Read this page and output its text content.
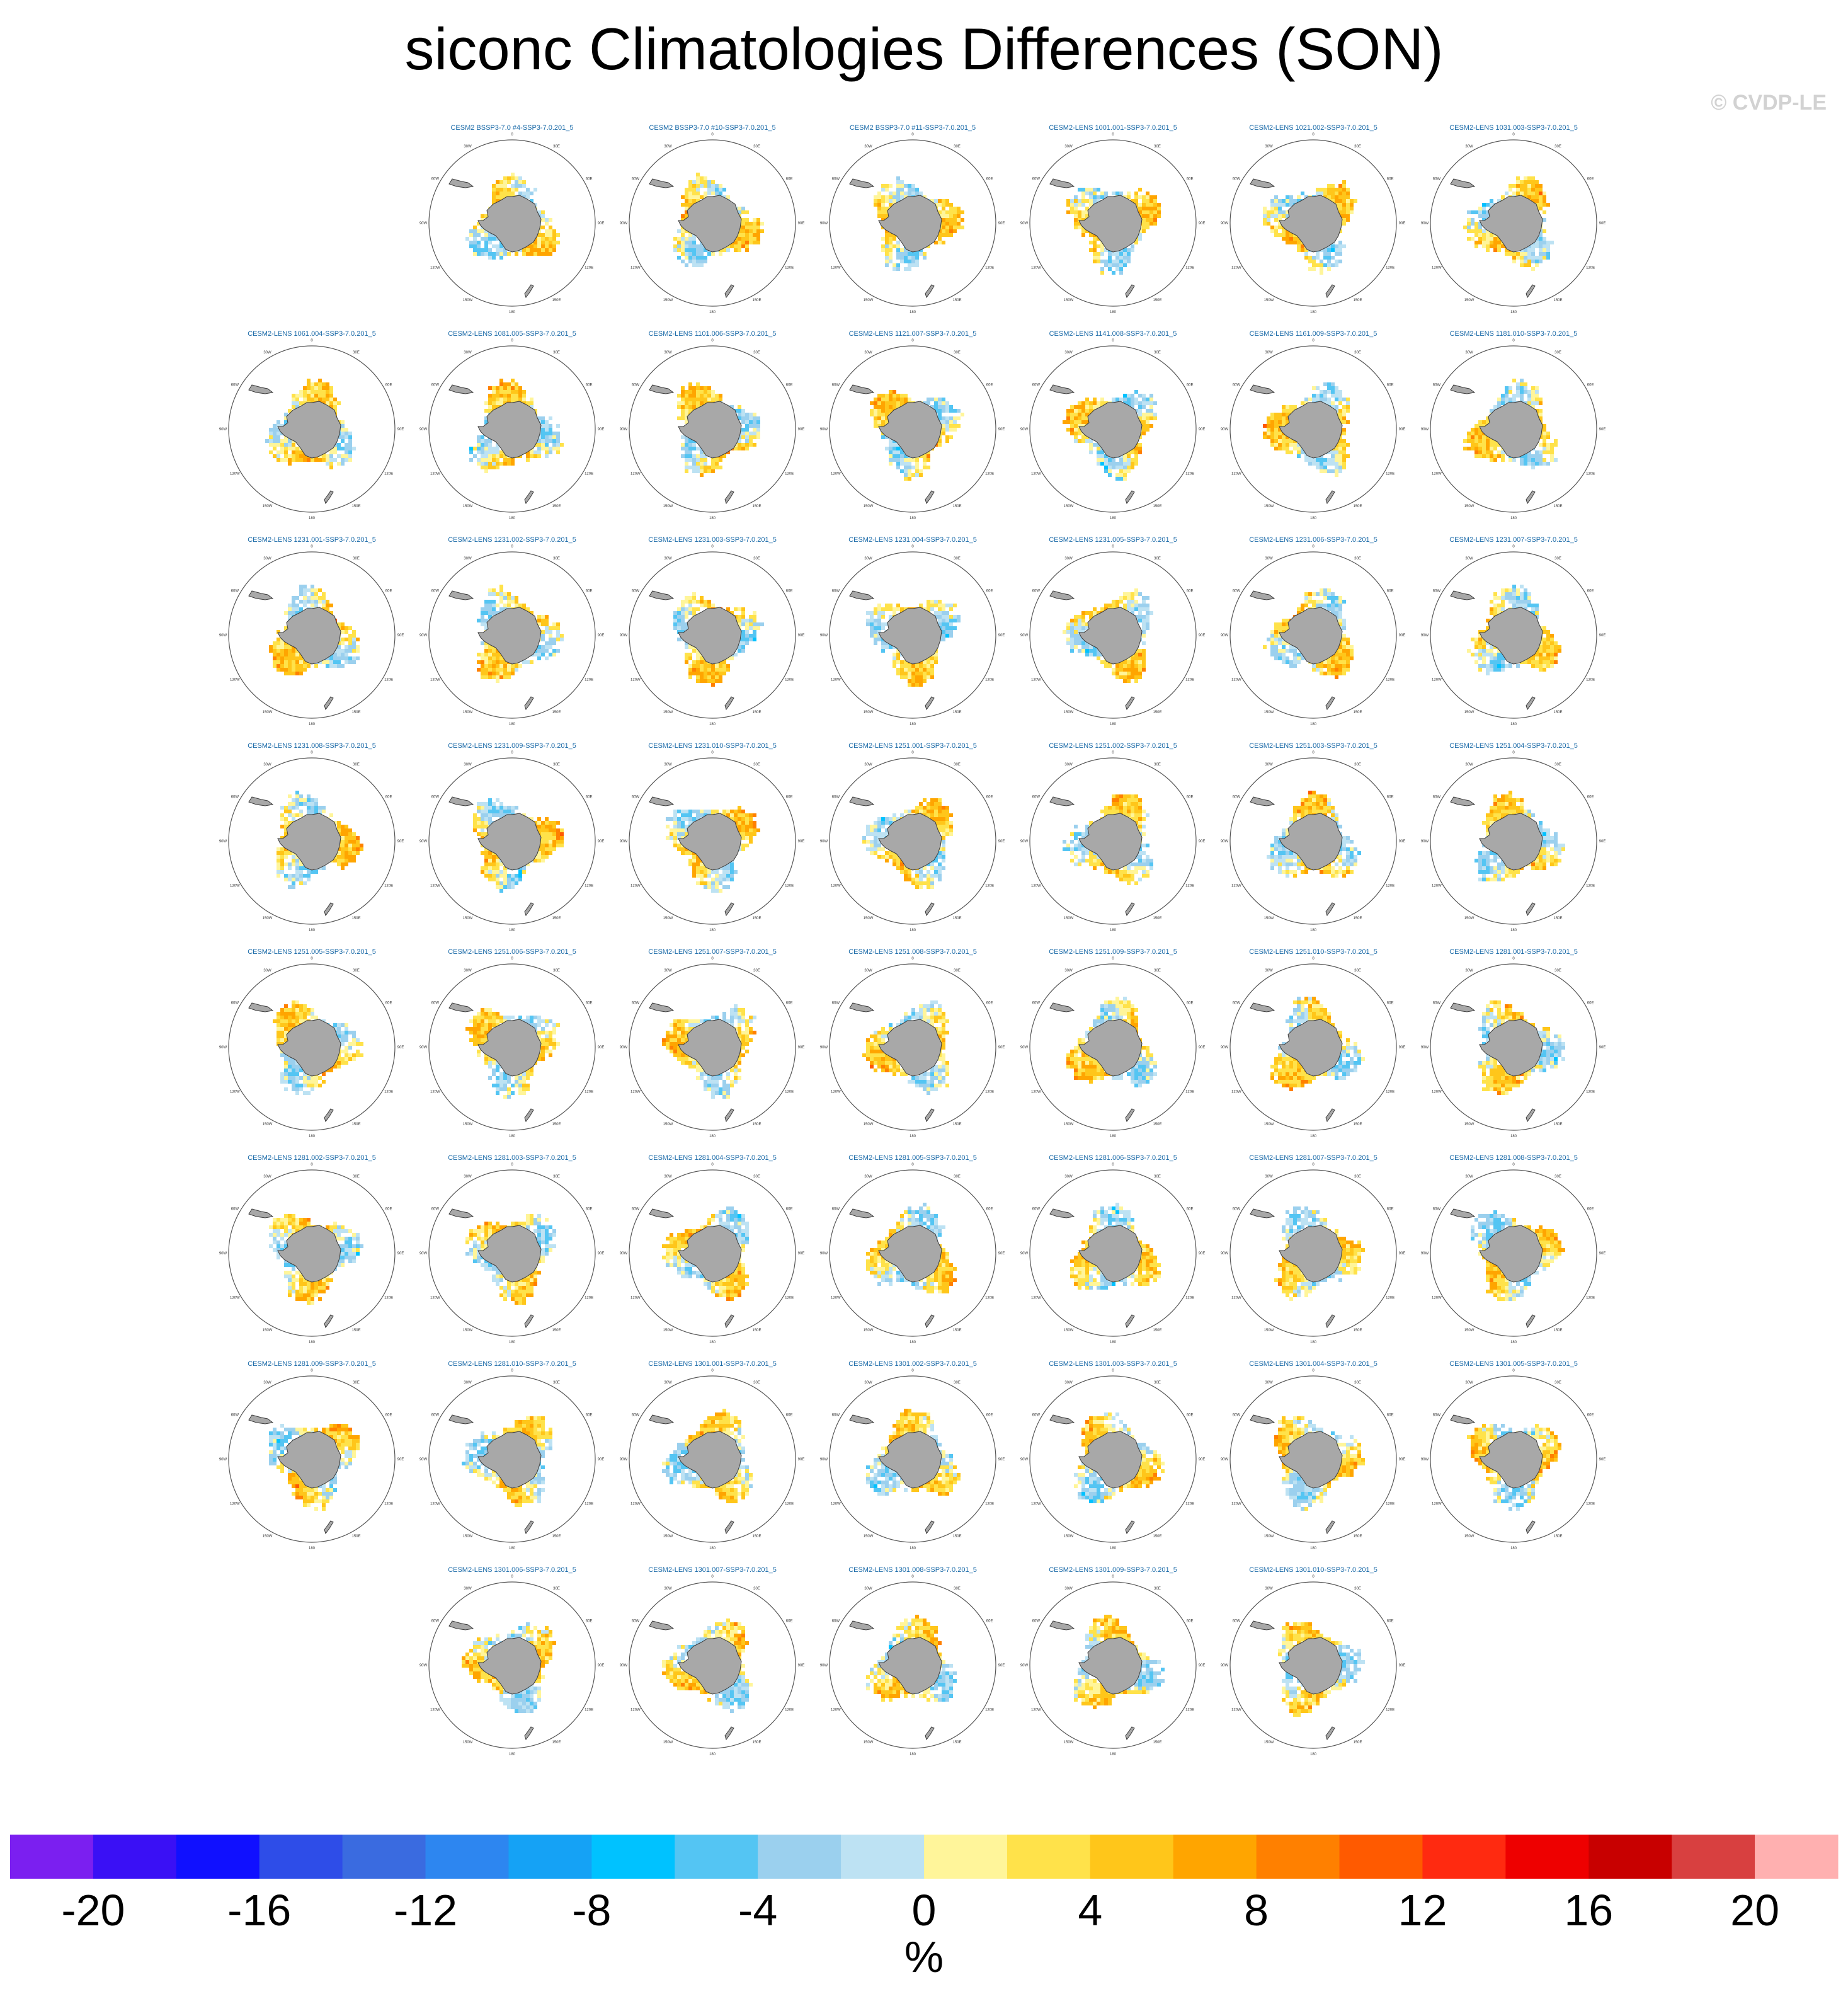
siconc Climatologies Differences (SON)
© CVDP-LE
CESM2 BSSP3-7.0 #4-SSP3-7.0.201_5
0
30E
60E
90E
120E
150E
180
150W
120W
90W
60W
30W
CESM2 BSSP3-7.0 #10-SSP3-7.0.201_5
0
30E
60E
90E
120E
150E
180
150W
120W
90W
60W
30W
CESM2 BSSP3-7.0 #11-SSP3-7.0.201_5
0
30E
60E
90E
120E
150E
180
150W
120W
90W
60W
30W
CESM2-LENS 1001.001-SSP3-7.0.201_5
0
30E
60E
90E
120E
150E
180
150W
120W
90W
60W
30W
CESM2-LENS 1021.002-SSP3-7.0.201_5
0
30E
60E
90E
120E
150E
180
150W
120W
90W
60W
30W
CESM2-LENS 1031.003-SSP3-7.0.201_5
0
30E
60E
90E
120E
150E
180
150W
120W
90W
60W
30W
CESM2-LENS 1061.004-SSP3-7.0.201_5
0
30E
60E
90E
120E
150E
180
150W
120W
90W
60W
30W
CESM2-LENS 1081.005-SSP3-7.0.201_5
0
30E
60E
90E
120E
150E
180
150W
120W
90W
60W
30W
CESM2-LENS 1101.006-SSP3-7.0.201_5
0
30E
60E
90E
120E
150E
180
150W
120W
90W
60W
30W
CESM2-LENS 1121.007-SSP3-7.0.201_5
0
30E
60E
90E
120E
150E
180
150W
120W
90W
60W
30W
CESM2-LENS 1141.008-SSP3-7.0.201_5
0
30E
60E
90E
120E
150E
180
150W
120W
90W
60W
30W
CESM2-LENS 1161.009-SSP3-7.0.201_5
0
30E
60E
90E
120E
150E
180
150W
120W
90W
60W
30W
CESM2-LENS 1181.010-SSP3-7.0.201_5
0
30E
60E
90E
120E
150E
180
150W
120W
90W
60W
30W
CESM2-LENS 1231.001-SSP3-7.0.201_5
0
30E
60E
90E
120E
150E
180
150W
120W
90W
60W
30W
CESM2-LENS 1231.002-SSP3-7.0.201_5
0
30E
60E
90E
120E
150E
180
150W
120W
90W
60W
30W
CESM2-LENS 1231.003-SSP3-7.0.201_5
0
30E
60E
90E
120E
150E
180
150W
120W
90W
60W
30W
CESM2-LENS 1231.004-SSP3-7.0.201_5
0
30E
60E
90E
120E
150E
180
150W
120W
90W
60W
30W
CESM2-LENS 1231.005-SSP3-7.0.201_5
0
30E
60E
90E
120E
150E
180
150W
120W
90W
60W
30W
CESM2-LENS 1231.006-SSP3-7.0.201_5
0
30E
60E
90E
120E
150E
180
150W
120W
90W
60W
30W
CESM2-LENS 1231.007-SSP3-7.0.201_5
0
30E
60E
90E
120E
150E
180
150W
120W
90W
60W
30W
CESM2-LENS 1231.008-SSP3-7.0.201_5
0
30E
60E
90E
120E
150E
180
150W
120W
90W
60W
30W
CESM2-LENS 1231.009-SSP3-7.0.201_5
0
30E
60E
90E
120E
150E
180
150W
120W
90W
60W
30W
CESM2-LENS 1231.010-SSP3-7.0.201_5
0
30E
60E
90E
120E
150E
180
150W
120W
90W
60W
30W
CESM2-LENS 1251.001-SSP3-7.0.201_5
0
30E
60E
90E
120E
150E
180
150W
120W
90W
60W
30W
CESM2-LENS 1251.002-SSP3-7.0.201_5
0
30E
60E
90E
120E
150E
180
150W
120W
90W
60W
30W
CESM2-LENS 1251.003-SSP3-7.0.201_5
0
30E
60E
90E
120E
150E
180
150W
120W
90W
60W
30W
CESM2-LENS 1251.004-SSP3-7.0.201_5
0
30E
60E
90E
120E
150E
180
150W
120W
90W
60W
30W
CESM2-LENS 1251.005-SSP3-7.0.201_5
0
30E
60E
90E
120E
150E
180
150W
120W
90W
60W
30W
CESM2-LENS 1251.006-SSP3-7.0.201_5
0
30E
60E
90E
120E
150E
180
150W
120W
90W
60W
30W
CESM2-LENS 1251.007-SSP3-7.0.201_5
0
30E
60E
90E
120E
150E
180
150W
120W
90W
60W
30W
CESM2-LENS 1251.008-SSP3-7.0.201_5
0
30E
60E
90E
120E
150E
180
150W
120W
90W
60W
30W
CESM2-LENS 1251.009-SSP3-7.0.201_5
0
30E
60E
90E
120E
150E
180
150W
120W
90W
60W
30W
CESM2-LENS 1251.010-SSP3-7.0.201_5
0
30E
60E
90E
120E
150E
180
150W
120W
90W
60W
30W
CESM2-LENS 1281.001-SSP3-7.0.201_5
0
30E
60E
90E
120E
150E
180
150W
120W
90W
60W
30W
CESM2-LENS 1281.002-SSP3-7.0.201_5
0
30E
60E
90E
120E
150E
180
150W
120W
90W
60W
30W
CESM2-LENS 1281.003-SSP3-7.0.201_5
0
30E
60E
90E
120E
150E
180
150W
120W
90W
60W
30W
CESM2-LENS 1281.004-SSP3-7.0.201_5
0
30E
60E
90E
120E
150E
180
150W
120W
90W
60W
30W
CESM2-LENS 1281.005-SSP3-7.0.201_5
0
30E
60E
90E
120E
150E
180
150W
120W
90W
60W
30W
CESM2-LENS 1281.006-SSP3-7.0.201_5
0
30E
60E
90E
120E
150E
180
150W
120W
90W
60W
30W
CESM2-LENS 1281.007-SSP3-7.0.201_5
0
30E
60E
90E
120E
150E
180
150W
120W
90W
60W
30W
CESM2-LENS 1281.008-SSP3-7.0.201_5
0
30E
60E
90E
120E
150E
180
150W
120W
90W
60W
30W
CESM2-LENS 1281.009-SSP3-7.0.201_5
0
30E
60E
90E
120E
150E
180
150W
120W
90W
60W
30W
CESM2-LENS 1281.010-SSP3-7.0.201_5
0
30E
60E
90E
120E
150E
180
150W
120W
90W
60W
30W
CESM2-LENS 1301.001-SSP3-7.0.201_5
0
30E
60E
90E
120E
150E
180
150W
120W
90W
60W
30W
CESM2-LENS 1301.002-SSP3-7.0.201_5
0
30E
60E
90E
120E
150E
180
150W
120W
90W
60W
30W
CESM2-LENS 1301.003-SSP3-7.0.201_5
0
30E
60E
90E
120E
150E
180
150W
120W
90W
60W
30W
CESM2-LENS 1301.004-SSP3-7.0.201_5
0
30E
60E
90E
120E
150E
180
150W
120W
90W
60W
30W
CESM2-LENS 1301.005-SSP3-7.0.201_5
0
30E
60E
90E
120E
150E
180
150W
120W
90W
60W
30W
CESM2-LENS 1301.006-SSP3-7.0.201_5
0
30E
60E
90E
120E
150E
180
150W
120W
90W
60W
30W
CESM2-LENS 1301.007-SSP3-7.0.201_5
0
30E
60E
90E
120E
150E
180
150W
120W
90W
60W
30W
CESM2-LENS 1301.008-SSP3-7.0.201_5
0
30E
60E
90E
120E
150E
180
150W
120W
90W
60W
30W
CESM2-LENS 1301.009-SSP3-7.0.201_5
0
30E
60E
90E
120E
150E
180
150W
120W
90W
60W
30W
CESM2-LENS 1301.010-SSP3-7.0.201_5
0
30E
60E
90E
120E
150E
180
150W
120W
90W
60W
30W
-20 -16 -12	-8	-4	0	4	8	12	16	20
%
